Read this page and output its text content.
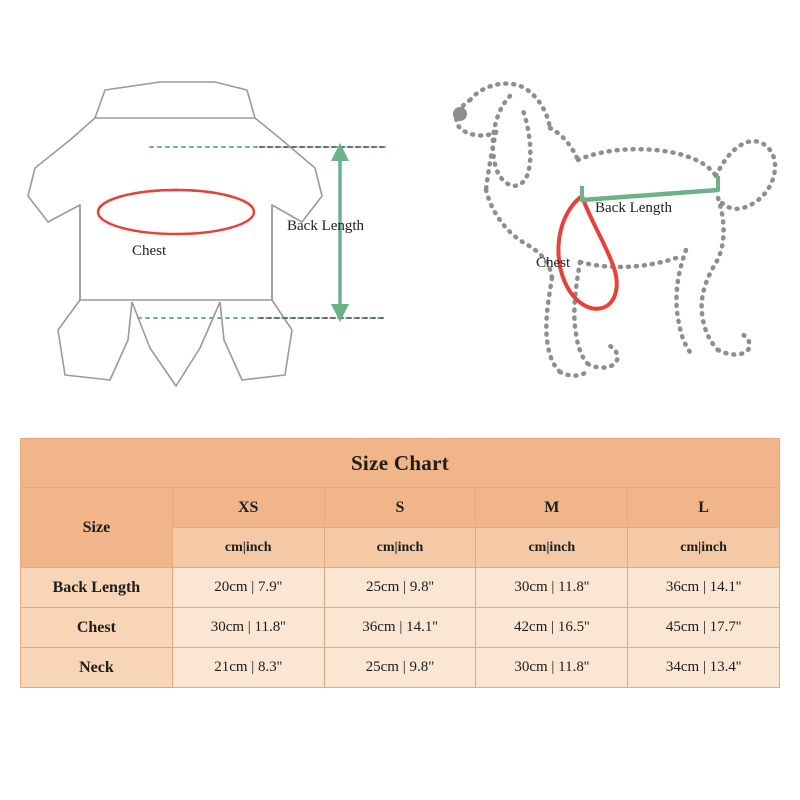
Chest
Back Length
Chest
Back Length
Size Chart				
Size	XS	S	M	L
	cm|inch	cm|inch	cm|inch	cm|inch
Back Length	20cm | 7.9''	25cm | 9.8''	30cm | 11.8''	36cm | 14.1''
Chest	30cm | 11.8''	36cm | 14.1''	42cm | 16.5''	45cm | 17.7''
Neck	21cm | 8.3''	25cm | 9.8"	30cm | 11.8''	34cm | 13.4''
